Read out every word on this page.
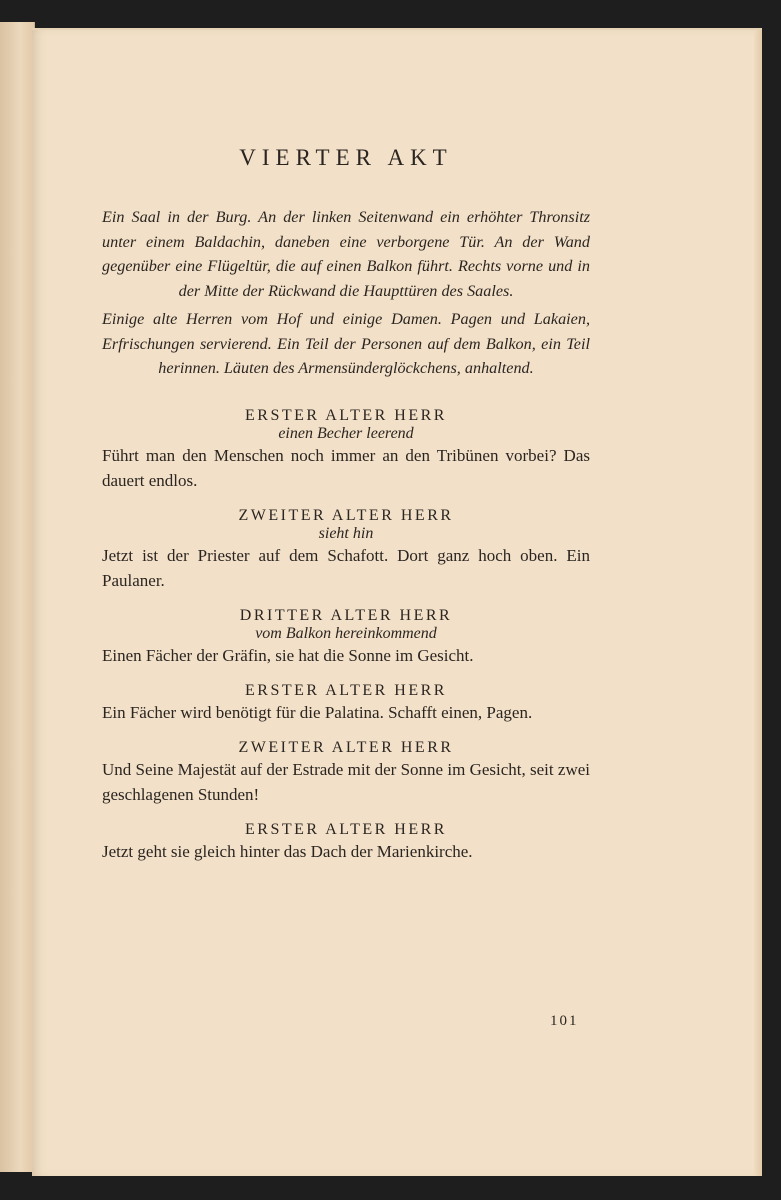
VIERTER AKT

Ein Saal in der Burg. An der linken Seitenwand ein erhöhter Thronsitz unter einem Baldachin, daneben eine verborgene Tür. An der Wand gegenüber eine Flügeltür, die auf einen Balkon führt. Rechts vorne und in der Mitte der Rückwand die Haupttüren des Saales.

Einige alte Herren vom Hof und einige Damen. Pagen und Lakaien, Erfrischungen servierend. Ein Teil der Personen auf dem Balkon, ein Teil herinnen. Läuten des Armensünderglöckchens, anhaltend.

ERSTER ALTER HERR

einen Becher leerend

Führt man den Menschen noch immer an den Tribünen vorbei? Das dauert endlos.

ZWEITER ALTER HERR

sieht hin

Jetzt ist der Priester auf dem Schafott. Dort ganz hoch oben. Ein Paulaner.

DRITTER ALTER HERR

vom Balkon hereinkommend

Einen Fächer der Gräfin, sie hat die Sonne im Gesicht.

ERSTER ALTER HERR

Ein Fächer wird benötigt für die Palatina. Schafft einen, Pagen.

ZWEITER ALTER HERR

Und Seine Majestät auf der Estrade mit der Sonne im Gesicht, seit zwei geschlagenen Stunden!

ERSTER ALTER HERR

Jetzt geht sie gleich hinter das Dach der Marienkirche.

101
